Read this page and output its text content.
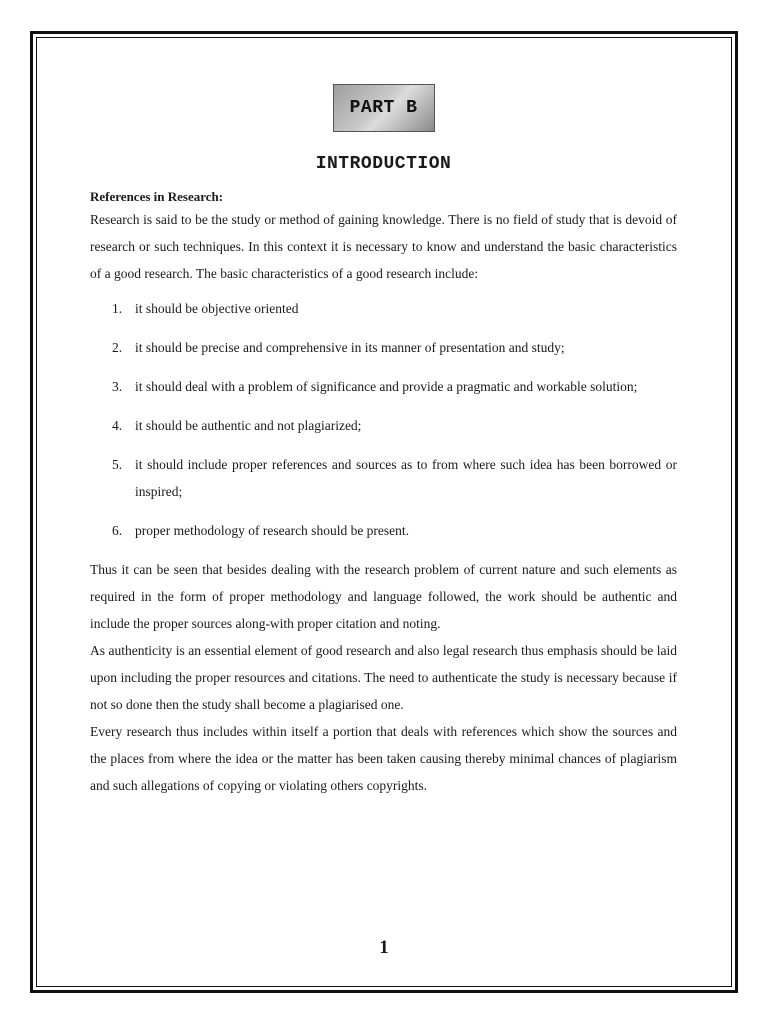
PART B
INTRODUCTION
References in Research:

Research is said to be the study or method of gaining knowledge. There is no field of study that is devoid of research or such techniques. In this context it is necessary to know and understand the basic characteristics of a good research. The basic characteristics of a good research include:

1. it should be objective oriented
2. it should be precise and comprehensive in its manner of presentation and study;
3. it should deal with a problem of significance and provide a pragmatic and workable solution;
4. it should be authentic and not plagiarized;
5. it should include proper references and sources as to from where such idea has been borrowed or inspired;
6. proper methodology of research should be present.

Thus it can be seen that besides dealing with the research problem of current nature and such elements as required in the form of proper methodology and language followed, the work should be authentic and include the proper sources along-with proper citation and noting.

As authenticity is an essential element of good research and also legal research thus emphasis should be laid upon including the proper resources and citations. The need to authenticate the study is necessary because if not so done then the study shall become a plagiarised one.

Every research thus includes within itself a portion that deals with references which show the sources and the places from where the idea or the matter has been taken causing thereby minimal chances of plagiarism and such allegations of copying or violating others copyrights.

1
